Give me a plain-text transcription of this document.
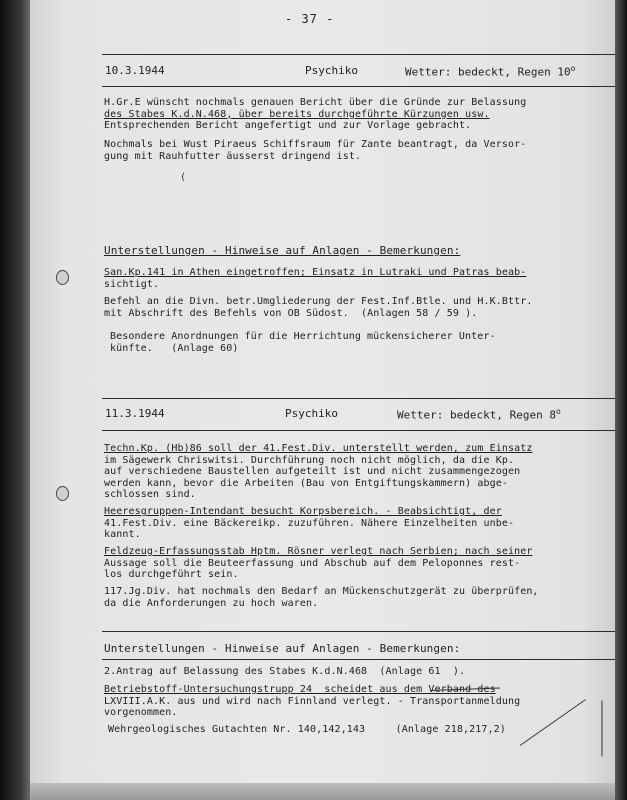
- 37 -
10.3.1944	Psychiko	Wetter: bedeckt, Regen 10$^o$
H.Gr.E wünscht nochmals genauen Bericht über die Gründe zur Belassung
des Stabes K.d.N.468, über bereits durchgeführte Kürzungen usw.
Entsprechenden Bericht angefertigt und zur Vorlage gebracht.
Nochmals bei Wust Piraeus Schiffsraum für Zante beantragt, da Versor-
gung mit Rauhfutter äusserst dringend ist.
Unterstellungen - Hinweise auf Anlagen - Bemerkungen:
San.Kp.141 in Athen eingetroffen; Einsatz in Lutraki und Patras beab-
sichtigt.
Befehl an die Divn. betr.Umgliederung der Fest.Inf.Btle. und H.K.Bttr.
mit Abschrift des Befehls von OB Südost.  (Anlagen 58 / 59 ).
Besondere Anordnungen für die Herrichtung mückensicherer Unter-
künfte.   (Anlage 60)
11.3.1944	Psychiko	Wetter: bedeckt, Regen 8$^o$
Techn.Kp. (Hb)86 soll der 41.Fest.Div. unterstellt werden, zum Einsatz
im Sägewerk Chriswitsi. Durchführung noch nicht möglich, da die Kp.
auf verschiedene Baustellen aufgeteilt ist und nicht zusammengezogen
werden kann, bevor die Arbeiten (Bau von Entgiftungskammern) abge-
schlossen sind.
Heeresgruppen-Intendant besucht Korpsbereich. - Beabsichtigt, der
41.Fest.Div. eine Bäckereikp. zuzuführen. Nähere Einzelheiten unbe-
kannt.
Feldzeug-Erfassungsstab Hptm. Rösner verlegt nach Serbien; nach seiner
Aussage soll die Beuteerfassung und Abschub auf dem Peloponnes rest-
los durchgeführt sein.
117.Jg.Div. hat nochmals den Bedarf an Mückenschutzgerät zu überprüfen,
da die Anforderungen zu hoch waren.
Unterstellungen - Hinweise auf Anlagen - Bemerkungen:
2.Antrag auf Belassung des Stabes K.d.N.468  (Anlage 61  ).
Betriebstoff-Untersuchungstrupp 24  scheidet aus dem Verband des
LXVIII.A.K. aus und wird nach Finnland verlegt. - Transportanmeldung
vorgenommen.
Wehrgeologisches Gutachten Nr. 140,142,143     (Anlage 218,217,2)
(
